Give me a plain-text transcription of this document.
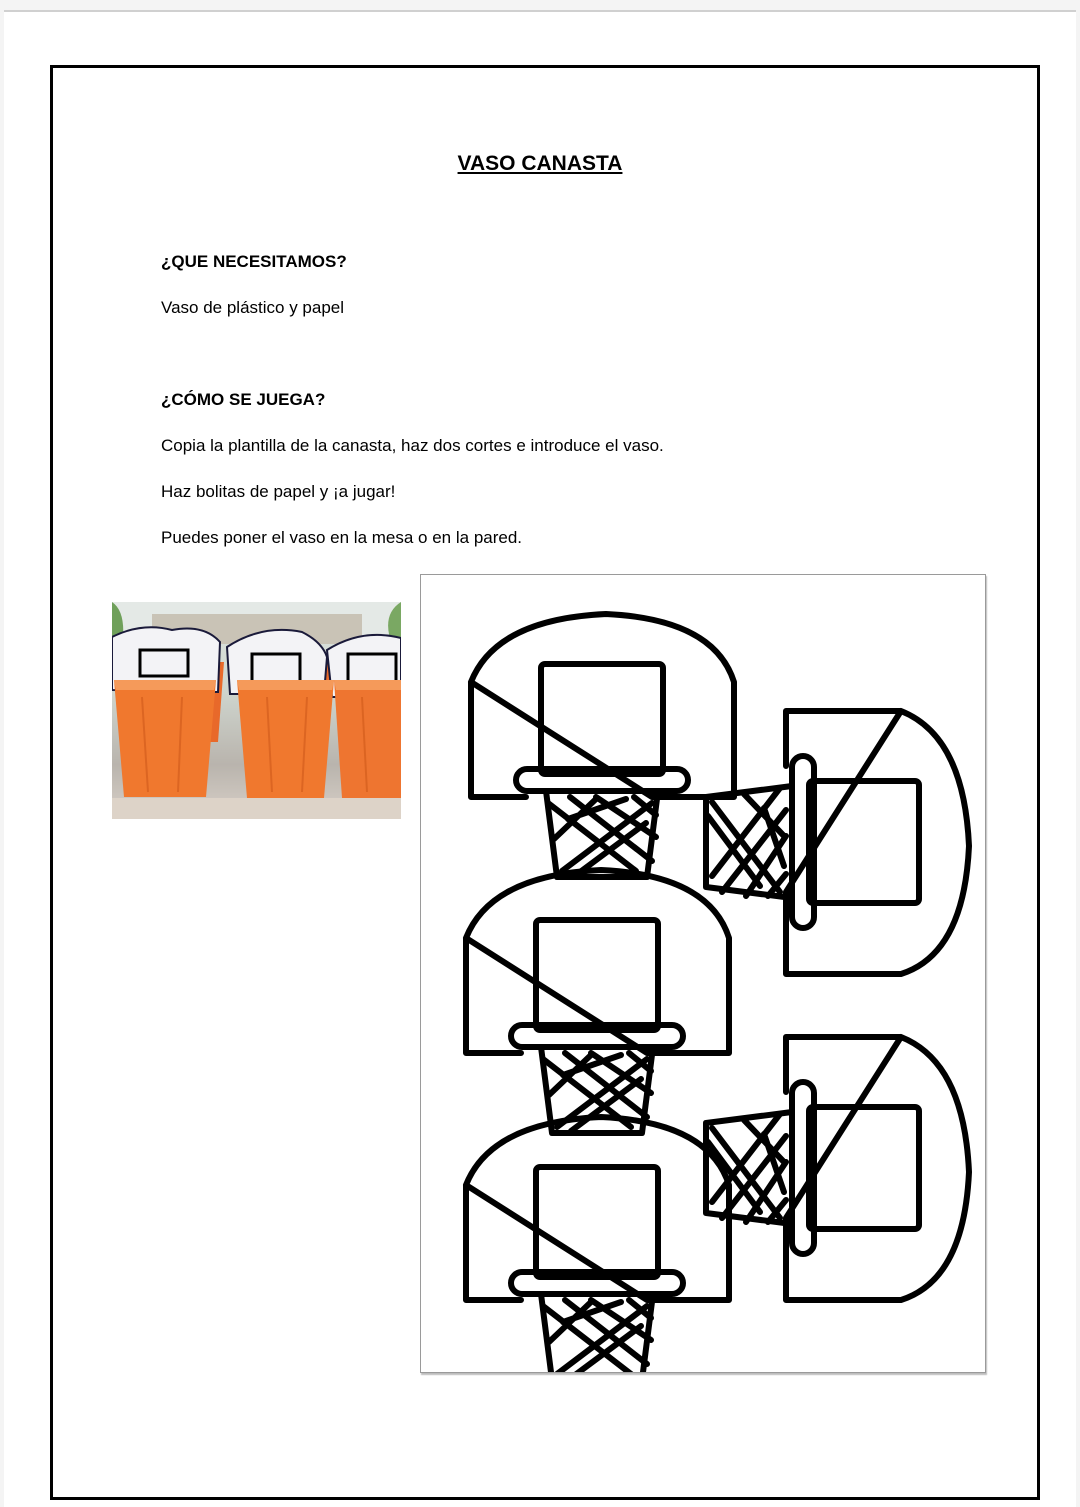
VASO CANASTA
¿QUE NECESITAMOS?
Vaso de plástico y papel
¿CÓMO SE JUEGA?
Copia la plantilla de la canasta, haz dos cortes e introduce el vaso.
Haz bolitas de papel y ¡a jugar!
Puedes poner el vaso en la mesa o en la pared.
